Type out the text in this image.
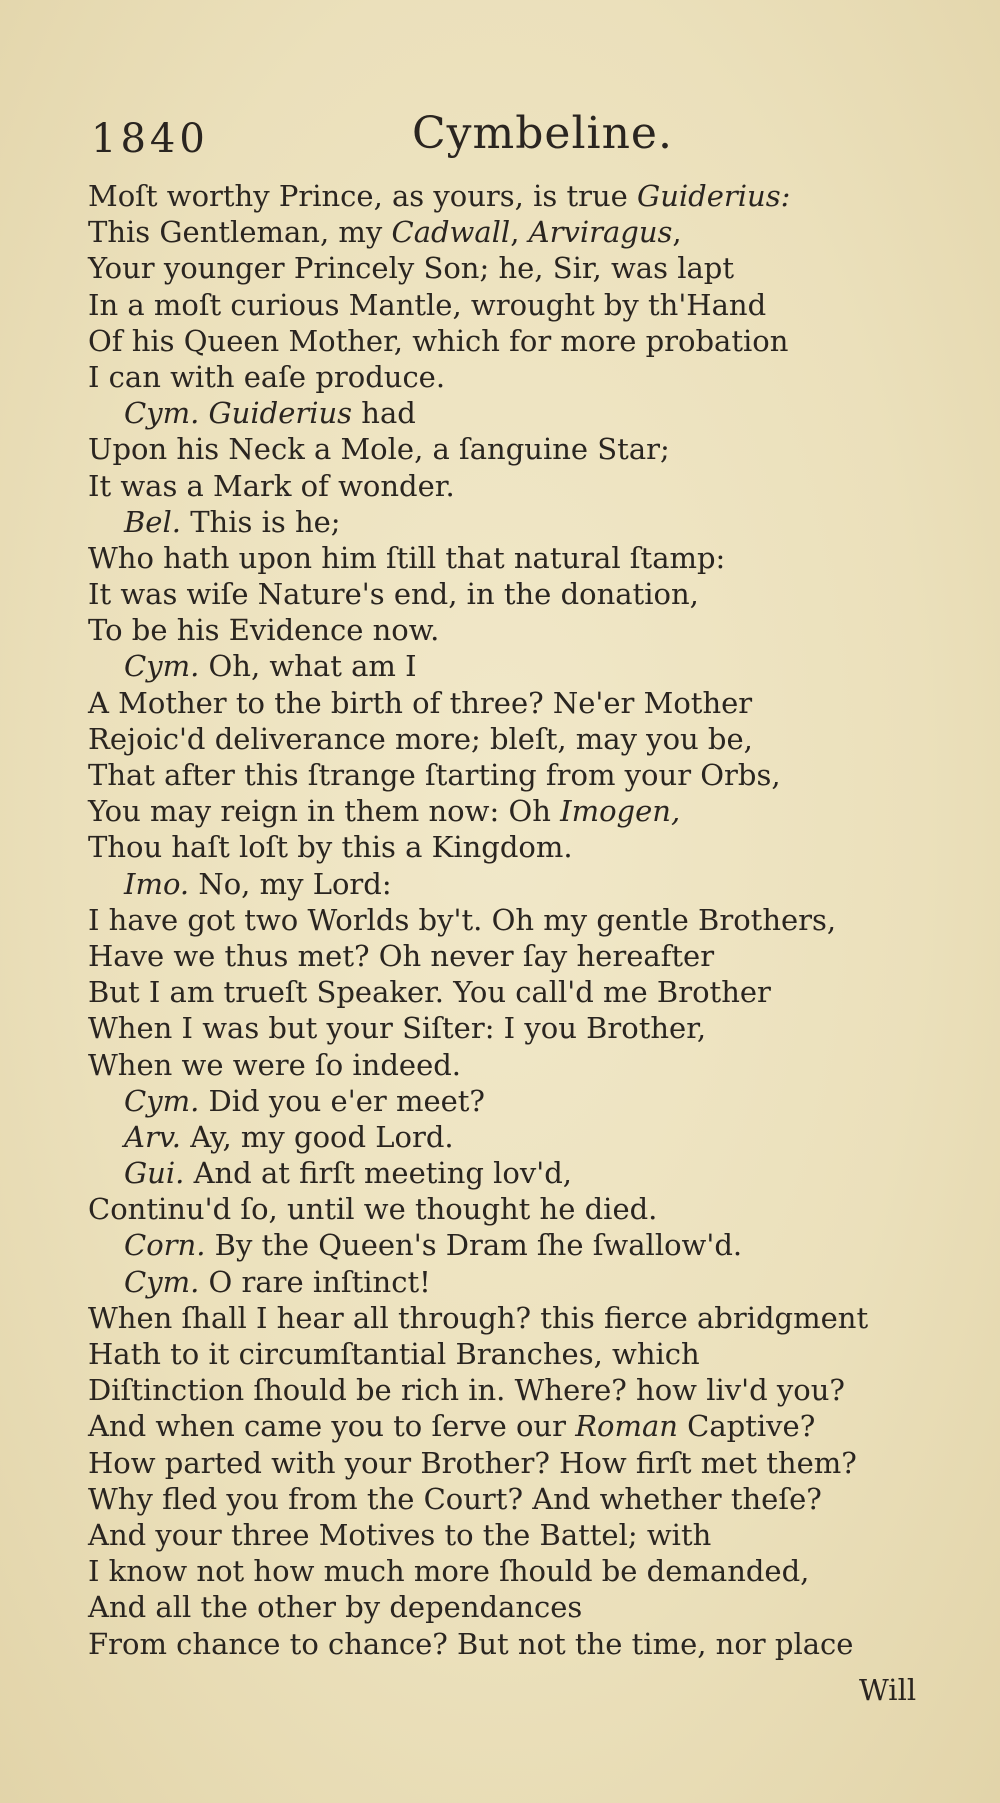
1840	Cymbeline.
Moſt worthy Prince, as yours, is true Guiderius:
This Gentleman, my Cadwall, Arviragus,
Your younger Princely Son; he, Sir, was lapt
In a moſt curious Mantle, wrought by th'Hand
Of his Queen Mother, which for more probation
I can with eaſe produce.
Cym. Guiderius had
Upon his Neck a Mole, a ſanguine Star;
It was a Mark of wonder.
Bel. This is he;
Who hath upon him ſtill that natural ſtamp:
It was wiſe Nature's end, in the donation,
To be his Evidence now.
Cym. Oh, what am I
A Mother to the birth of three? Ne'er Mother
Rejoic'd deliverance more; bleſt, may you be,
That after this ſtrange ſtarting from your Orbs,
You may reign in them now: Oh Imogen,
Thou haſt loſt by this a Kingdom.
Imo. No, my Lord:
I have got two Worlds by't. Oh my gentle Brothers,
Have we thus met? Oh never ſay hereafter
But I am trueſt Speaker. You call'd me Brother
When I was but your Siſter: I you Brother,
When we were ſo indeed.
Cym. Did you e'er meet?
Arv. Ay, my good Lord.
Gui. And at firſt meeting lov'd,
Continu'd ſo, until we thought he died.
Corn. By the Queen's Dram ſhe ſwallow'd.
Cym. O rare inſtinct!
When ſhall I hear all through? this fierce abridgment
Hath to it circumſtantial Branches, which
Diſtinction ſhould be rich in. Where? how liv'd you?
And when came you to ſerve our Roman Captive?
How parted with your Brother? How firſt met them?
Why fled you from the Court? And whether theſe?
And your three Motives to the Battel; with
I know not how much more ſhould be demanded,
And all the other by dependances
From chance to chance? But not the time, nor place
Will
